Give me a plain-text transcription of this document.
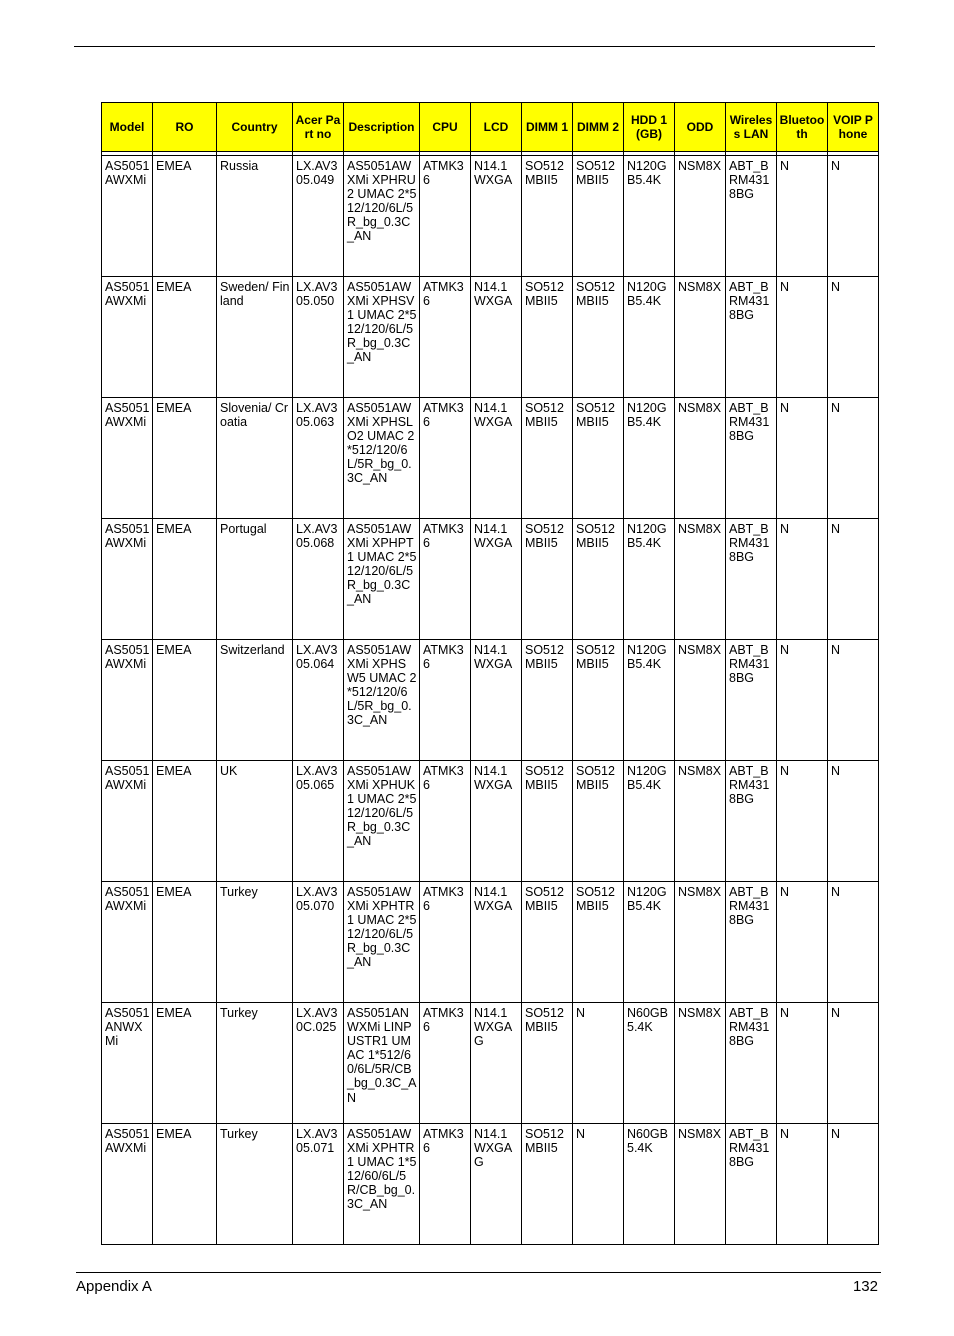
Model	RO	Country	Acer Part no	Description	CPU	LCD	DIMM 1	DIMM 2	HDD 1 (GB)	ODD	Wireless LAN	Bluetooth	VOIP Phone

AS5051AWXMi	EMEA	Russia	LX.AV305.049	AS5051AWXMi XPHRU2 UMAC 2*512/120/6L/5R_bg_0.3C_AN	ATMK36	N14.1WXGA	SO512MBII5	SO512MBII5	N120GB5.4K	NSM8X	ABT_BRM4318BG	N	N
AS5051AWXMi	EMEA	Sweden/ Finland	LX.AV305.050	AS5051AWXMi XPHSV1 UMAC 2*512/120/6L/5R_bg_0.3C_AN	ATMK36	N14.1WXGA	SO512MBII5	SO512MBII5	N120GB5.4K	NSM8X	ABT_BRM4318BG	N	N
AS5051AWXMi	EMEA	Slovenia/ Croatia	LX.AV305.063	AS5051AWXMi XPHSLO2 UMAC 2*512/120/6L/5R_bg_0.3C_AN	ATMK36	N14.1WXGA	SO512MBII5	SO512MBII5	N120GB5.4K	NSM8X	ABT_BRM4318BG	N	N
AS5051AWXMi	EMEA	Portugal	LX.AV305.068	AS5051AWXMi XPHPT1 UMAC 2*512/120/6L/5R_bg_0.3C_AN	ATMK36	N14.1WXGA	SO512MBII5	SO512MBII5	N120GB5.4K	NSM8X	ABT_BRM4318BG	N	N
AS5051AWXMi	EMEA	Switzerland	LX.AV305.064	AS5051AWXMi XPHSW5 UMAC 2*512/120/6L/5R_bg_0.3C_AN	ATMK36	N14.1WXGA	SO512MBII5	SO512MBII5	N120GB5.4K	NSM8X	ABT_BRM4318BG	N	N
AS5051AWXMi	EMEA	UK	LX.AV305.065	AS5051AWXMi XPHUK1 UMAC 2*512/120/6L/5R_bg_0.3C_AN	ATMK36	N14.1WXGA	SO512MBII5	SO512MBII5	N120GB5.4K	NSM8X	ABT_BRM4318BG	N	N
AS5051AWXMi	EMEA	Turkey	LX.AV305.070	AS5051AWXMi XPHTR1 UMAC 2*512/120/6L/5R_bg_0.3C_AN	ATMK36	N14.1WXGA	SO512MBII5	SO512MBII5	N120GB5.4K	NSM8X	ABT_BRM4318BG	N	N
AS5051ANWXMi	EMEA	Turkey	LX.AV30C.025	AS5051ANWXMi LINPUSTR1 UMAC 1*512/60/6L/5R/CB_bg_0.3C_AN	ATMK36	N14.1WXGAG	SO512MBII5	N	N60GB5.4K	NSM8X	ABT_BRM4318BG	N	N
AS5051AWXMi	EMEA	Turkey	LX.AV305.071	AS5051AWXMi XPHTR1 UMAC 1*512/60/6L/5R/CB_bg_0.3C_AN	ATMK36	N14.1WXGAG	SO512MBII5	N	N60GB5.4K	NSM8X	ABT_BRM4318BG	N	N
Appendix A	132
